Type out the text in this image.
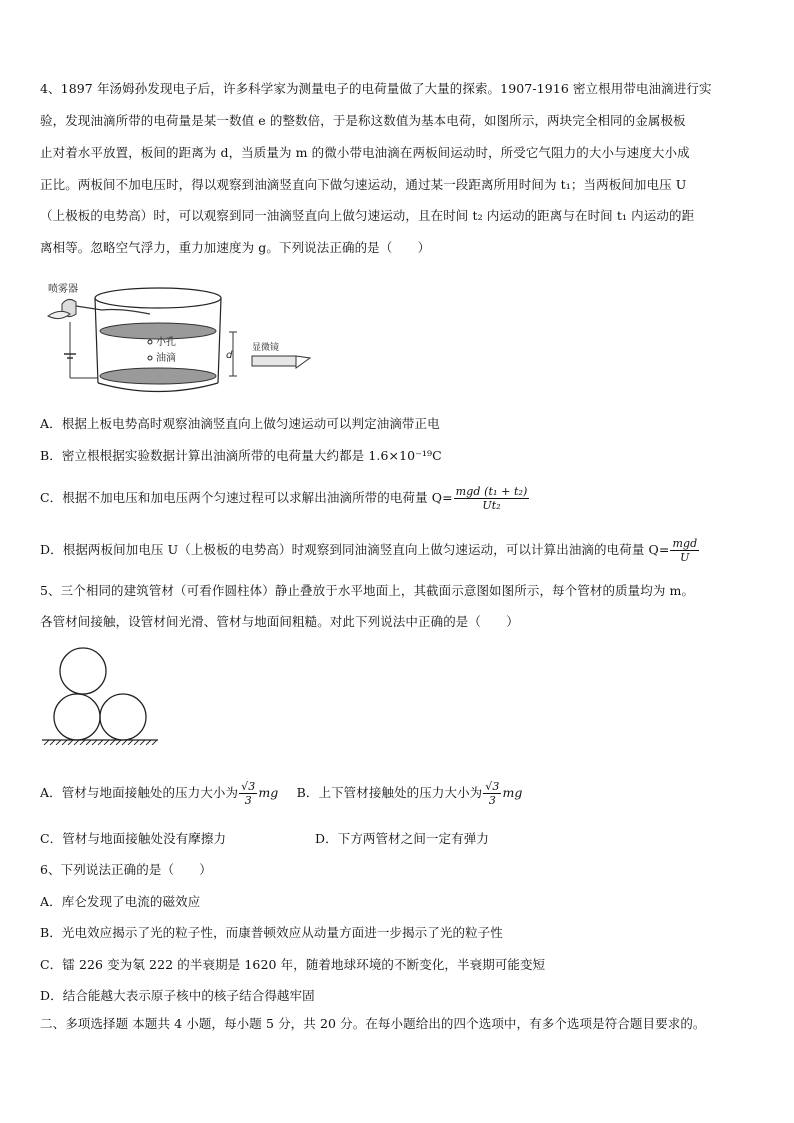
4、1897 年汤姆孙发现电子后，许多科学家为测量电子的电荷量做了大量的探索。1907-1916 密立根用带电油滴进行实
验，发现油滴所带的电荷量是某一数值 e 的整数倍，于是称这数值为基本电荷，如图所示，两块完全相同的金属极板
止对着水平放置，板间的距离为 d，当质量为 m 的微小带电油滴在两板间运动时，所受它气阻力的大小与速度大小成
正比。两板间不加电压时，得以观察到油滴竖直向下做匀速运动，通过某一段距离所用时间为 t₁；当两板间加电压 U
（上极板的电势高）时，可以观察到同一油滴竖直向上做匀速运动，且在时间 t₂ 内运动的距离与在时间 t₁ 内运动的距
离相等。忽略空气浮力，重力加速度为 g。下列说法正确的是（　　）
喷雾器
小孔
油滴	d
显微镜
A．根据上板电势高时观察油滴竖直向上做匀速运动可以判定油滴带正电
B．密立根根据实验数据计算出油滴所带的电荷量大约都是 1.6×10⁻¹⁹C
C．根据不加电压和加电压两个匀速过程可以求解出油滴所带的电荷量 $Q= \frac{\text{mgd (t₁ + t₂)}}{\text{Ut₂}}$
D．根据两板间加电压 U（上极板的电势高）时观察到同油滴竖直向上做匀速运动，可以计算出油滴的电荷量 $Q= \frac{\text{mgd}}{U}$
5、三个相同的建筑管材（可看作圆柱体）静止叠放于水平地面上，其截面示意图如图所示，每个管材的质量均为 m。
各管材间接触，设管材间光滑、管材与地面间粗糙。对此下列说法中正确的是（　　）
A．管材与地面接触处的压力大小为 $\frac{√3}{3}$ mg B．上下管材接触处的压力大小为 $\frac{√3}{3}$ mg
C．管材与地面接触处没有摩擦力	D．下方两管材之间一定有弹力
6、下列说法正确的是（　　）
A．库仑发现了电流的磁效应
B．光电效应揭示了光的粒子性，而康普顿效应从动量方面进一步揭示了光的粒子性
C．镭 226 变为氡 222 的半衰期是 1620 年，随着地球环境的不断变化，半衰期可能变短
D．结合能越大表示原子核中的核子结合得越牢固
二、多项选择题 本题共 4 小题，每小题 5 分，共 20 分。在每小题给出的四个选项中，有多个选项是符合题目要求的。
